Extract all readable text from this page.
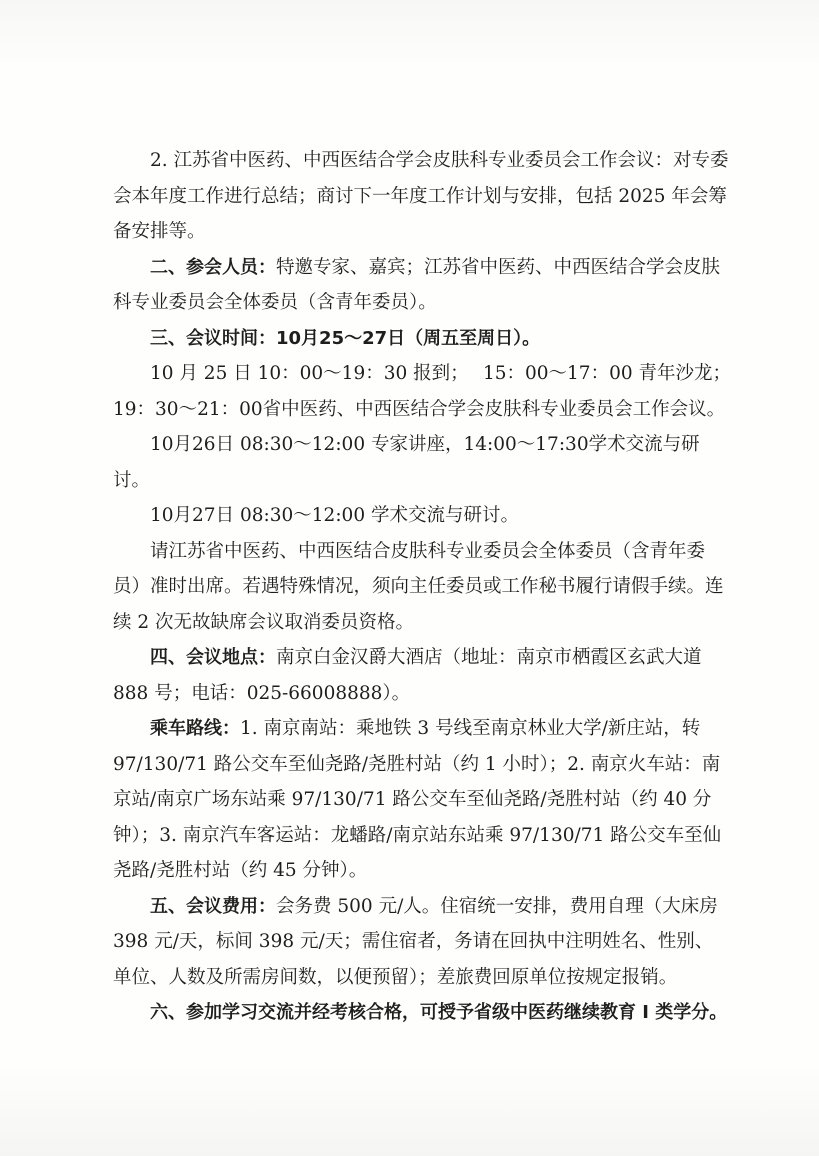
2. 江苏省中医药、中西医结合学会皮肤科专业委员会工作会议：对专委会本年度工作进行总结；商讨下一年度工作计划与安排，包括 2025 年会筹备安排等。

二、参会人员：特邀专家、嘉宾；江苏省中医药、中西医结合学会皮肤科专业委员会全体委员（含青年委员）。

三、会议时间：10月25～27日（周五至周日）。

10 月 25 日 10：00～19：30 报到； 15：00～17：00 青年沙龙；

19：30～21：00省中医药、中西医结合学会皮肤科专业委员会工作会议。

10月26日 08:30～12:00 专家讲座，14:00～17:30学术交流与研讨。

10月27日 08:30～12:00 学术交流与研讨。

请江苏省中医药、中西医结合皮肤科专业委员会全体委员（含青年委员）准时出席。若遇特殊情况，须向主任委员或工作秘书履行请假手续。连续 2 次无故缺席会议取消委员资格。

四、会议地点：南京白金汉爵大酒店（地址：南京市栖霞区玄武大道 888 号；电话：025-66008888）。

乘车路线：1. 南京南站：乘地铁 3 号线至南京林业大学/新庄站，转 97/130/71 路公交车至仙尧路/尧胜村站（约 1 小时）；2. 南京火车站：南京站/南京广场东站乘 97/130/71 路公交车至仙尧路/尧胜村站（约 40 分钟）；3. 南京汽车客运站：龙蟠路/南京站东站乘 97/130/71 路公交车至仙尧路/尧胜村站（约 45 分钟）。

五、会议费用：会务费 500 元/人。住宿统一安排，费用自理（大床房 398 元/天，标间 398 元/天；需住宿者，务请在回执中注明姓名、性别、单位、人数及所需房间数，以便预留）；差旅费回原单位按规定报销。

六、参加学习交流并经考核合格，可授予省级中医药继续教育 Ⅰ 类学分。
